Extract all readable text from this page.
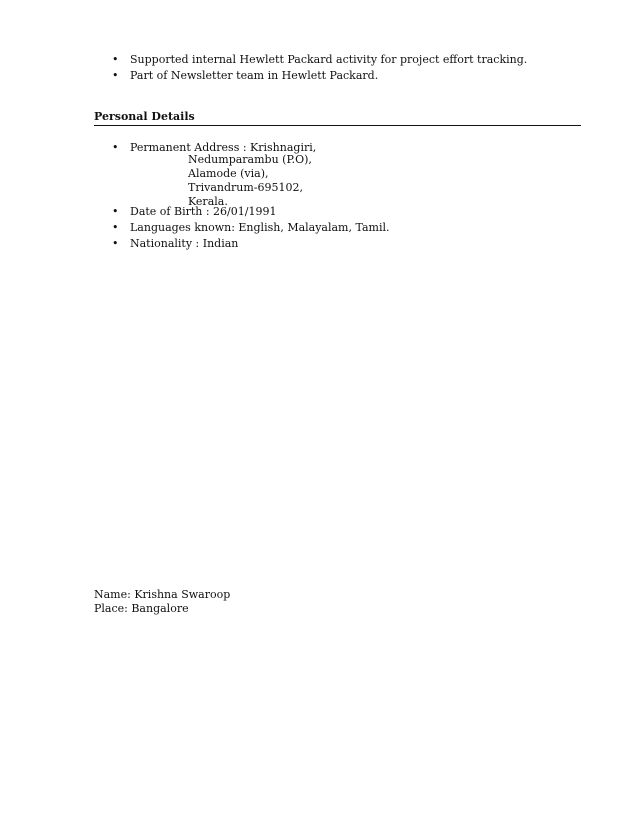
•	Supported internal Hewlett Packard activity for project effort tracking.
•	Part of Newsletter team in Hewlett Packard.
Personal Details
•	Permanent Address : Krishnagiri,
Nedumparambu (P.O),
Alamode (via),
Trivandrum-695102,
Kerala.
•	Date of Birth : 26/01/1991
•	Languages known: English, Malayalam, Tamil.
•	Nationality : Indian
Name: Krishna Swaroop
Place: Bangalore
